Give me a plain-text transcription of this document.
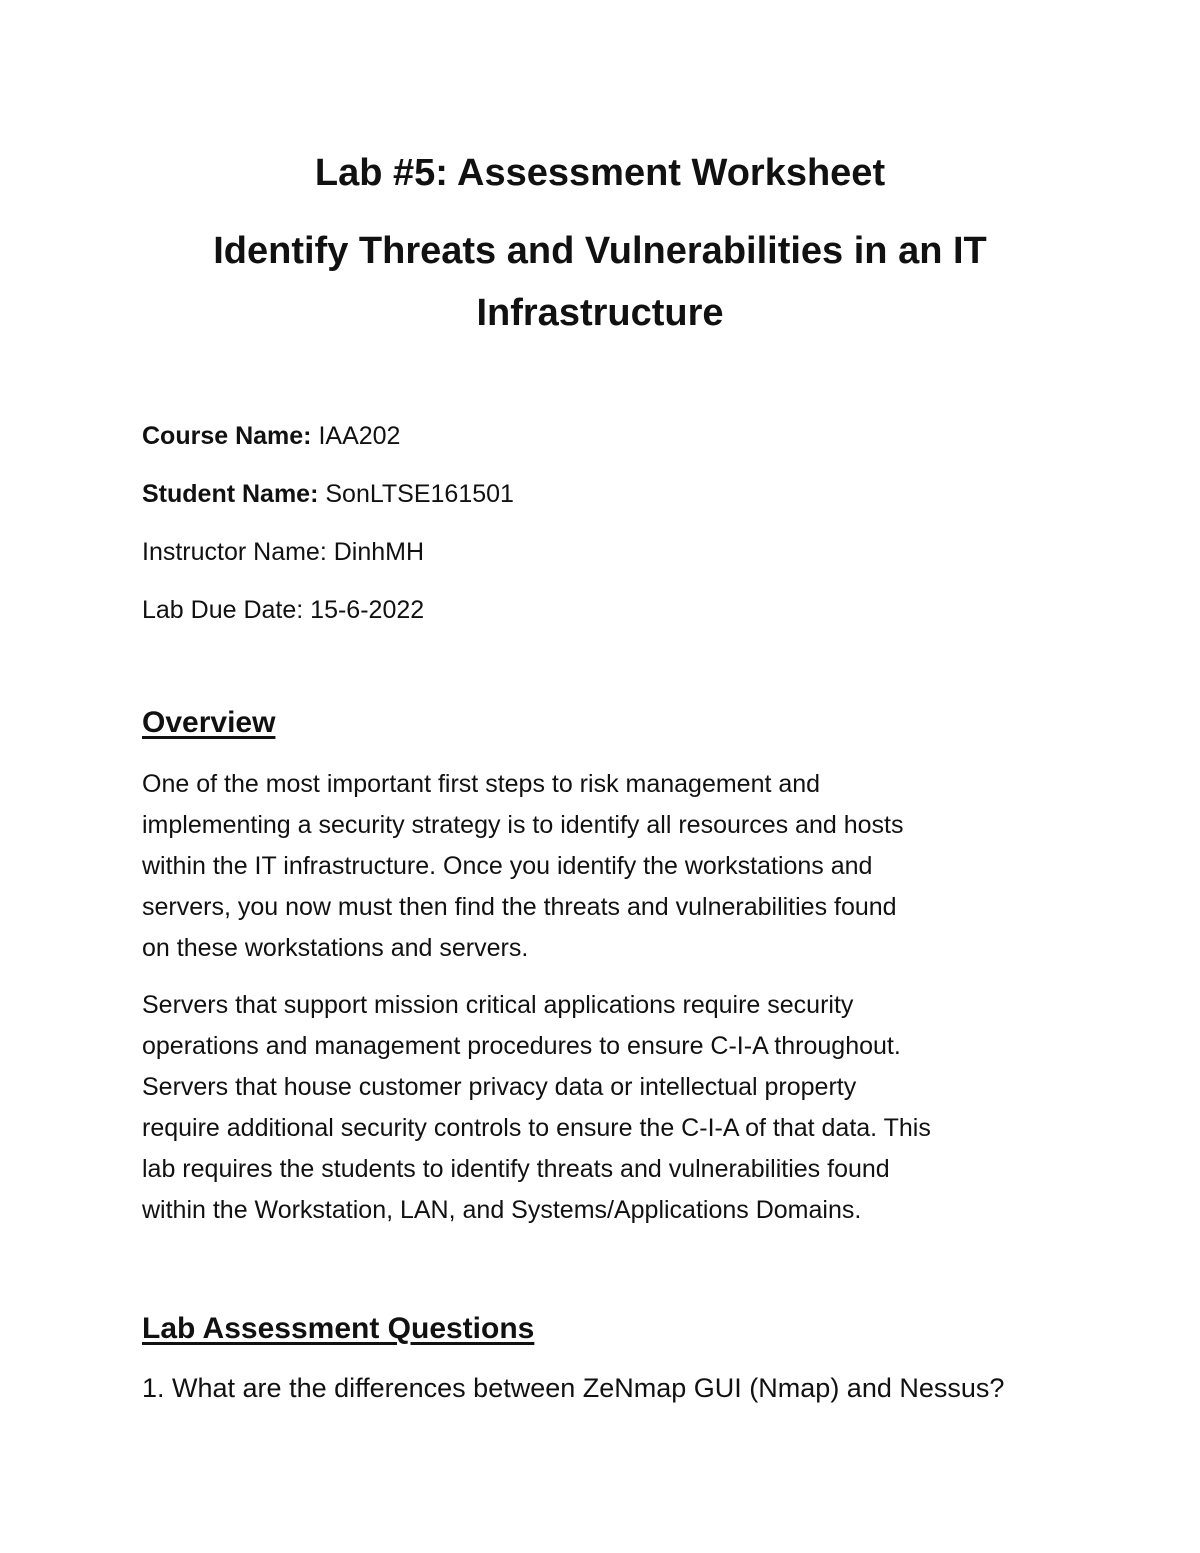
Lab #5: Assessment Worksheet
Identify Threats and Vulnerabilities in an IT
Infrastructure

Course Name: IAA202

Student Name: SonLTSE161501

Instructor Name: DinhMH

Lab Due Date: 15-6-2022

Overview

One of the most important first steps to risk management and
implementing a security strategy is to identify all resources and hosts
within the IT infrastructure. Once you identify the workstations and
servers, you now must then find the threats and vulnerabilities found
on these workstations and servers.

Servers that support mission critical applications require security
operations and management procedures to ensure C-I-A throughout.
Servers that house customer privacy data or intellectual property
require additional security controls to ensure the C-I-A of that data. This
lab requires the students to identify threats and vulnerabilities found
within the Workstation, LAN, and Systems/Applications Domains.

Lab Assessment Questions

1. What are the differences between ZeNmap GUI (Nmap) and Nessus?
